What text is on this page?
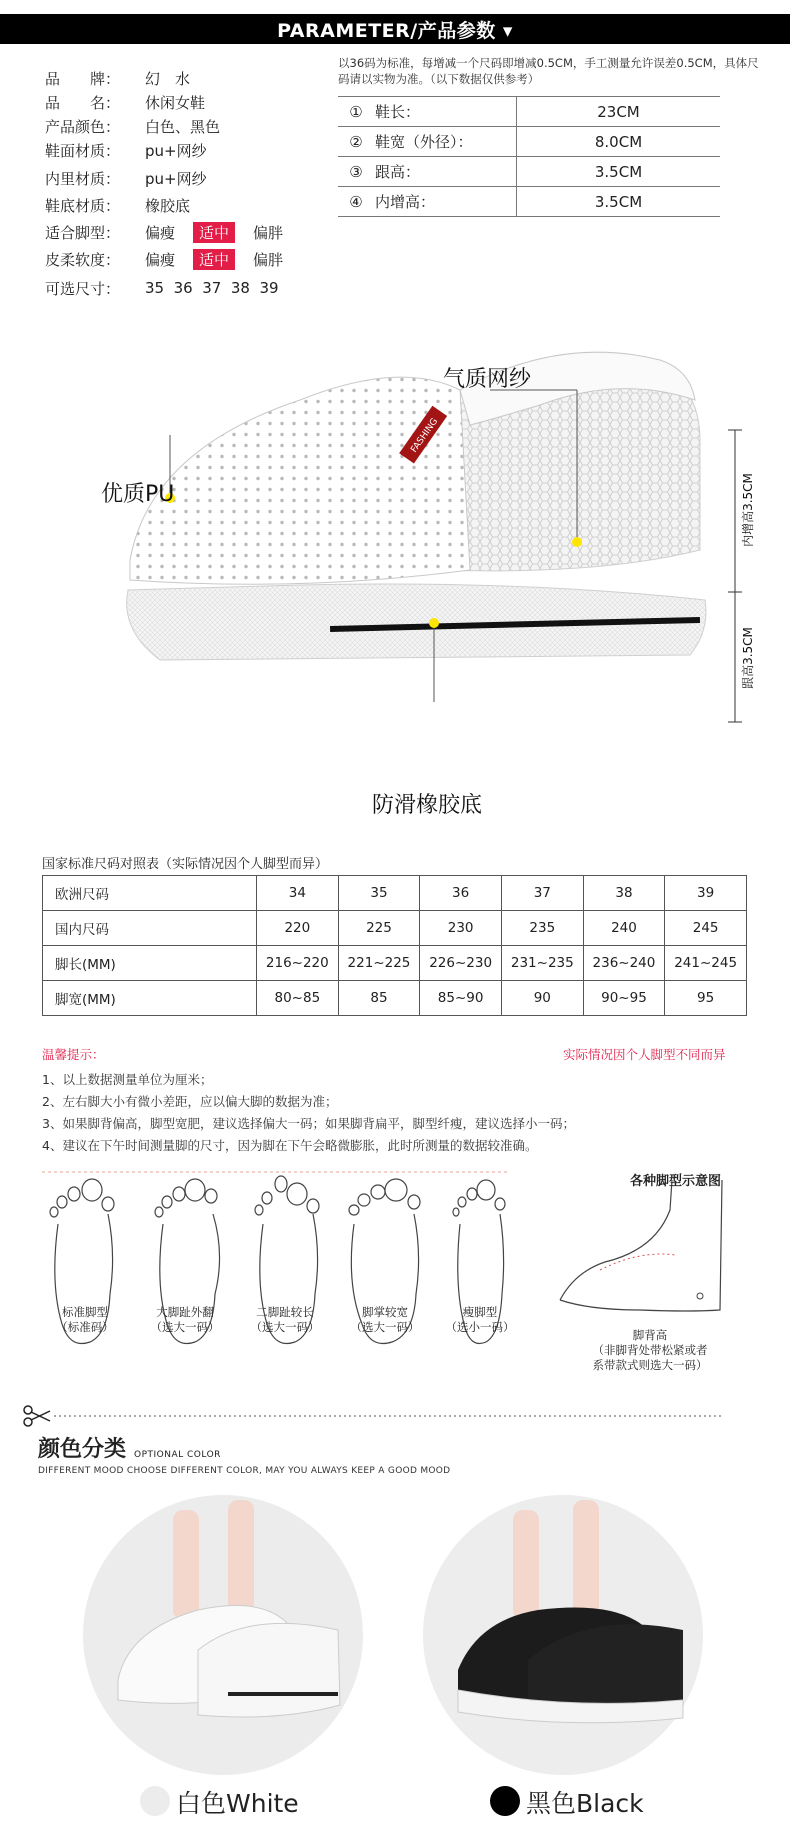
PARAMETER/产品参数 ▾
品　　牌：	幻　水
品　　名：	休闲女鞋
产品颜色：	白色、黑色
鞋面材质：	pu+网纱
内里材质：	pu+网纱
鞋底材质：	橡胶底
适合脚型：	偏瘦	适中	偏胖
皮柔软度：	偏瘦	适中	偏胖
可选尺寸：	35  36  37  38  39
以36码为标准，每增减一个尺码即增减0.5CM，手工测量允许误差0.5CM，具体尺码请以实物为准。（以下数据仅供参考）
①	鞋长：	23CM
②	鞋宽（外径）：	8.0CM
③	跟高：	3.5CM
④	内增高：	3.5CM
FASHING
内增高3.5CM
跟高3.5CM
气质网纱
优质PU
防滑橡胶底
国家标准尺码对照表（实际情况因个人脚型而异）
欧洲尺码	34	35	36	37	38	39
国内尺码	220	225	230	235	240	245
脚长(MM)	216~220	221~225	226~230	231~235	236~240	241~245
脚宽(MM)	80~85	85	85~90	90	90~95	95
温馨提示：	实际情况因个人脚型不同而异
1、以上数据测量单位为厘米；
2、左右脚大小有微小差距，应以偏大脚的数据为准；
3、如果脚背偏高，脚型宽肥，建议选择偏大一码；如果脚背扁平，脚型纤瘦，建议选择小一码；
4、建议在下午时间测量脚的尺寸，因为脚在下午会略微膨胀，此时所测量的数据较准确。
各种脚型示意图
标准脚型
（标准码）
大脚趾外翻
（选大一码）
二脚趾较长
（选大一码）
脚掌较宽
（选大一码）
瘦脚型
（选小一码）
脚背高
（非脚背处带松紧或者
系带款式则选大一码）
颜色分类 OPTIONAL COLOR
DIFFERENT MOOD CHOOSE DIFFERENT COLOR, MAY YOU ALWAYS KEEP A GOOD MOOD
白色White	黑色Black
